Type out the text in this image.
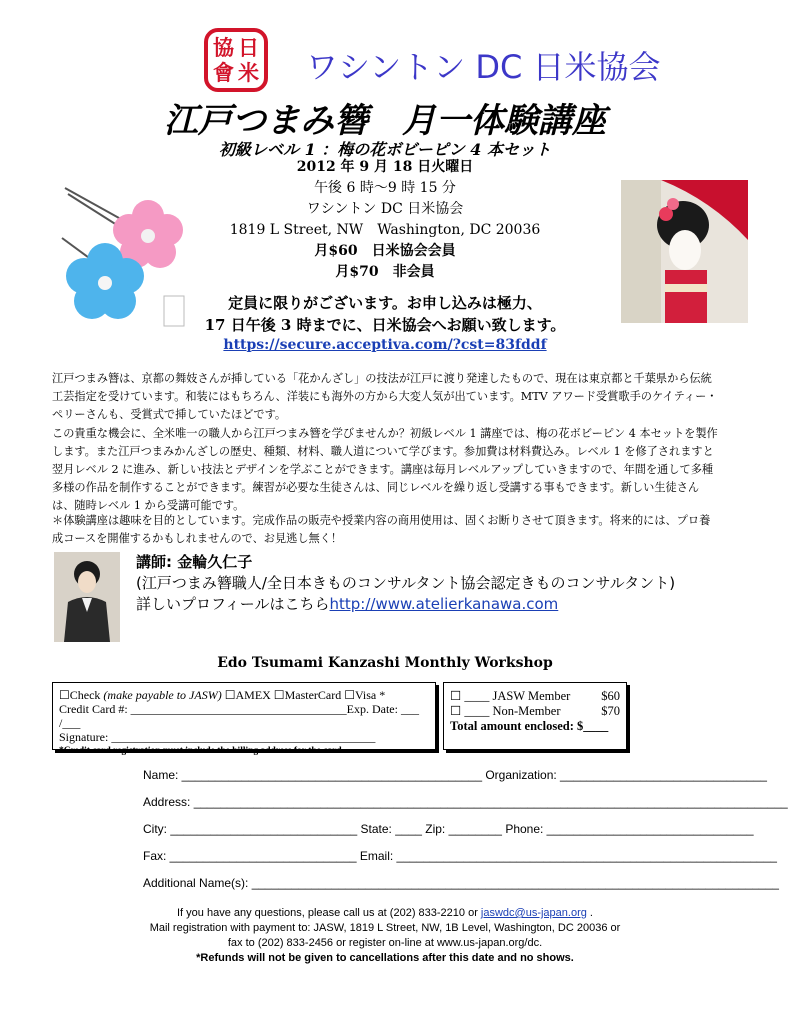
協 日
會 米 ワシントン DC 日米協会
江戸つまみ簪　月一体験講座
初級レベル 1 ：梅の花ボビーピン 4 本セット
2012 年 9 月 18 日火曜日
午後 6 時〜9 時 15 分
ワシントン DC 日米協会
1819 L Street, NW　Washington, DC 20036
月$60　日米協会会員
月$70　非会員
定員に限りがございます。お申し込みは極力、
17 日午後 3 時までに、日米協会へお願い致します。
https://secure.acceptiva.com/?cst=83fddf

江戸つまみ簪は、京都の舞妓さんが挿している「花かんざし」の技法が江戸に渡り発達したもので、現在は東京都と千葉県から伝統工芸指定を受けています。和装にはもちろん、洋装にも海外の方から大変人気が出ています。MTV アワード受賞歌手のケイティー・ペリーさんも、受賞式で挿していたほどです。

この貴重な機会に、全米唯一の職人から江戸つまみ簪を学びませんか？初級レベル 1 講座では、梅の花ボビーピン 4 本セットを製作します。また江戸つまみかんざしの歴史、種類、材料、職人道について学びます。参加費は材料費込み。レベル 1 を修了されますと翌月レベル 2 に進み、新しい技法とデザインを学ぶことができます。講座は毎月レベルアップしていきますので、年間を通して多種多様の作品を制作することができます。練習が必要な生徒さんは、同じレベルを繰り返し受講する事もできます。新しい生徒さんは、随時レベル 1 から受講可能です。

＊体験講座は趣味を目的としています。完成作品の販売や授業内容の商用使用は、固くお断りさせて頂きます。将来的には、プロ養成コースを開催するかもしれませんので、お見逃し無く！
講師: 金輪久仁子
(江戸つまみ簪職人/全日本きものコンサルタント協会認定きものコンサルタント)
詳しいプロフィールはこちらhttp://www.atelierkanawa.com
Edo Tsumami Kanzashi Monthly Workshop
☐Check (make payable to JASW) ☐AMEX ☐MasterCard ☐Visa *
Credit Card #: ____________________________________Exp. Date: ___ /___
Signature: ____________________________________________
*Credit card registration must include the billing address for the card
☐ ____ JASW Member $60
☐ ____ Non-Member	$70
Total amount enclosed: $____
Name: _____________________________________________ Organization: _______________________________
Address: _________________________________________________________________________________________
City: ____________________________ State: ____ Zip: ________ Phone: _______________________________
Fax: ____________________________ Email: _________________________________________________________
Additional Name(s): _______________________________________________________________________________
If you have any questions, please call us at (202) 833-2210 or jaswdc@us-japan.org .
Mail registration with payment to: JASW, 1819 L Street, NW, 1B Level, Washington, DC 20036 or
fax to (202) 833-2456 or register on-line at www.us-japan.org/dc.
*Refunds will not be given to cancellations after this date and no shows.
